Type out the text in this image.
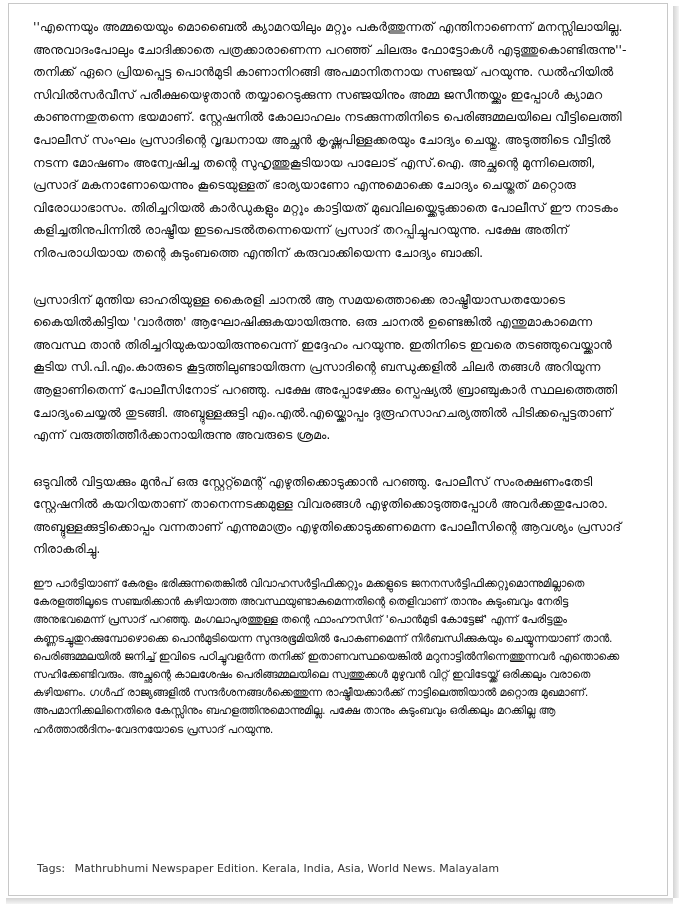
''എന്നെയും അമ്മയെയും മൊബൈൽ ക്യാമറയിലും മറ്റും പകർത്തുന്നത് എന്തിനാണെന്ന് മനസ്സിലായില്ല. അനുവാദംപോലും ചോദിക്കാതെ പത്രക്കാരാണെന്ന പറഞ്ഞ് ചിലരും ഫോട്ടോകൾ എടുത്തുകൊണ്ടിരുന്നു''- തനിക്ക് ഏറെ പ്രിയപ്പെട്ട പൊൻമുടി കാണാനിറങ്ങി അപമാനിതനായ സഞ്ജയ് പറയുന്നു. ഡൽഹിയിൽ സിവിൽസർവീസ് പരീക്ഷയെഴുതാൻ തയ്യാറെടുക്കുന്ന സഞ്ജയിനും അമ്മ ജസീന്തയ്ക്കും ഇപ്പോൾ ക്യാമറ കാണുന്നതുതന്നെ ഭയമാണ്. സ്റ്റേഷനിൽ കോലാഹലം നടക്കുന്നതിനിടെ പെരിങ്ങമ്മലയിലെ വീട്ടിലെത്തി പോലീസ് സംഘം പ്രസാദിന്റെ വൃദ്ധനായ അച്ഛൻ കൃഷ്ണപിള്ളക്കരയും ചോദ്യം ചെയ്തു. അടുത്തിടെ വീട്ടിൽ നടന്ന മോഷണം അന്വേഷിച്ച തന്റെ സുഹൃത്തുകൂടിയായ പാലോട് എസ്.ഐ. അച്ഛന്റെ മുന്നിലെത്തി, പ്രസാദ് മകനാണോയെന്നും കൂടെയുള്ളത് ഭാര്യയാണോ എന്നുമൊക്കെ ചോദ്യം ചെയ്തത് മറ്റൊരു വിരോധാഭാസം. തിരിച്ചറിയൽ കാർഡുകളും മറ്റും കാട്ടിയത് മുഖവിലയ്ക്കെടുക്കാതെ പോലീസ് ഈ നാടകം കളിച്ചതിനുപിന്നിൽ രാഷ്ട്രീയ ഇടപെടൽതന്നെയെന്ന് പ്രസാദ് തറപ്പിച്ചുപറയുന്നു. പക്ഷേ അതിന് നിരപരാധിയായ തന്റെ കുടുംബത്തെ എന്തിന് കരുവാക്കിയെന്ന ചോദ്യം ബാക്കി.

പ്രസാദിന് മുന്തിയ ഓഹരിയുള്ള കൈരളി ചാനൽ ആ സമയത്തൊക്കെ രാഷ്ട്രീയാന്ധതയോടെ കൈയിൽകിട്ടിയ 'വാർത്ത' ആഘോഷിക്കുകയായിരുന്നു. ഒരു ചാനൽ ഉണ്ടെങ്കിൽ എന്തുമാകാമെന്ന അവസ്ഥ താൻ തിരിച്ചറിയുകയായിരുന്നുവെന്ന് ഇദ്ദേഹം പറയുന്നു. ഇതിനിടെ ഇവരെ തടഞ്ഞുവെയ്ക്കാൻ കൂടിയ സി.പി.എം.കാരുടെ കൂട്ടത്തിലുണ്ടായിരുന്ന പ്രസാദിന്റെ ബന്ധുക്കളിൽ ചിലർ തങ്ങൾ അറിയുന്ന ആളാണിതെന്ന് പോലീസിനോട് പറഞ്ഞു. പക്ഷേ അപ്പോഴേക്കും സ്പെഷ്യൽ ബ്രാഞ്ചുകാർ സ്ഥലത്തെത്തി ചോദ്യംചെയ്യൽ തുടങ്ങി. അബ്ദുള്ളക്കുട്ടി എം.എൽ.എയ്ക്കൊപ്പം ദുരൂഹസാഹചര്യത്തിൽ പിടിക്കപ്പെട്ടതാണ് എന്ന് വരുത്തിത്തീർക്കാനായിരുന്നു അവരുടെ ശ്രമം.

ഒടുവിൽ വിട്ടയക്കും മുൻപ് ഒരു സ്റ്റേറ്റ്മെന്റ് എഴുതിക്കൊടുക്കാൻ പറഞ്ഞു. പോലീസ് സംരക്ഷണംതേടി സ്റ്റേഷനിൽ കയറിയതാണ് താനെന്നടക്കമുള്ള വിവരങ്ങൾ എഴുതിക്കൊടുത്തപ്പോൾ അവർക്കതുപോരാ. അബ്ദുള്ളക്കുട്ടിക്കൊപ്പം വന്നതാണ് എന്നുമാത്രം എഴുതിക്കൊടുക്കണമെന്ന പോലീസിന്റെ ആവശ്യം പ്രസാദ് നിരാകരിച്ചു.

ഈ പാർട്ടിയാണ് കേരളം ഭരിക്കുന്നതെങ്കിൽ വിവാഹസർട്ടിഫിക്കറ്റും മക്കളുടെ ജനനസർട്ടിഫിക്കറ്റുമൊന്നുമില്ലാതെ കേരളത്തിലൂടെ സഞ്ചരിക്കാൻ കഴിയാത്ത അവസ്ഥയുണ്ടാകുമെന്നതിന്റെ തെളിവാണ് താനും കുടുംബവും നേരിട്ട അനുഭവമെന്ന് പ്രസാദ് പറഞ്ഞു. മംഗലാപുരത്തുള്ള തന്റെ ഫാംഹൗസിന് 'പൊൻമുടി കോട്ടേജ്' എന്ന് പേരിട്ടതും കണ്ണടച്ചുതുറക്കുമ്പോഴൊക്കെ പൊൻമുടിയെന്ന സുന്ദരഭൂമിയിൽ പോകണമെന്ന് നിർബന്ധിക്കുകയും ചെയ്യുന്നയാണ് താൻ. പെരിങ്ങമ്മലയിൽ ജനിച്ച് ഇവിടെ പഠിച്ചുവളർന്ന തനിക്ക് ഇതാണവസ്ഥയെങ്കിൽ മറുനാട്ടിൽനിന്നെത്തുന്നവർ എന്തൊക്കെ സഹിക്കേണ്ടിവരും. അച്ഛന്റെ കാലശേഷം പെരിങ്ങമ്മലയിലെ സ്വത്തുക്കൾ മുഴുവൻ വിറ്റ് ഇവിടേയ്ക്ക് ഒരിക്കലും വരാതെ കഴിയണം. ഗൾഫ് രാജ്യങ്ങളിൽ സന്ദർശനങ്ങൾക്കെത്തുന്ന രാഷ്ട്രീയക്കാർക്ക് നാട്ടിലെത്തിയാൽ മറ്റൊരു മുഖമാണ്. അപമാനിക്കലിനെതിരെ കേസ്സിനും ബഹളത്തിനുമൊന്നുമില്ല. പക്ഷേ താനും കുടുംബവും ഒരിക്കലും മറക്കില്ല ആ ഹർത്താൽദിനം-വേദനയോടെ പ്രസാദ് പറയുന്നു.

Tags: Mathrubhumi Newspaper Edition. Kerala, India, Asia, World News. Malayalam
